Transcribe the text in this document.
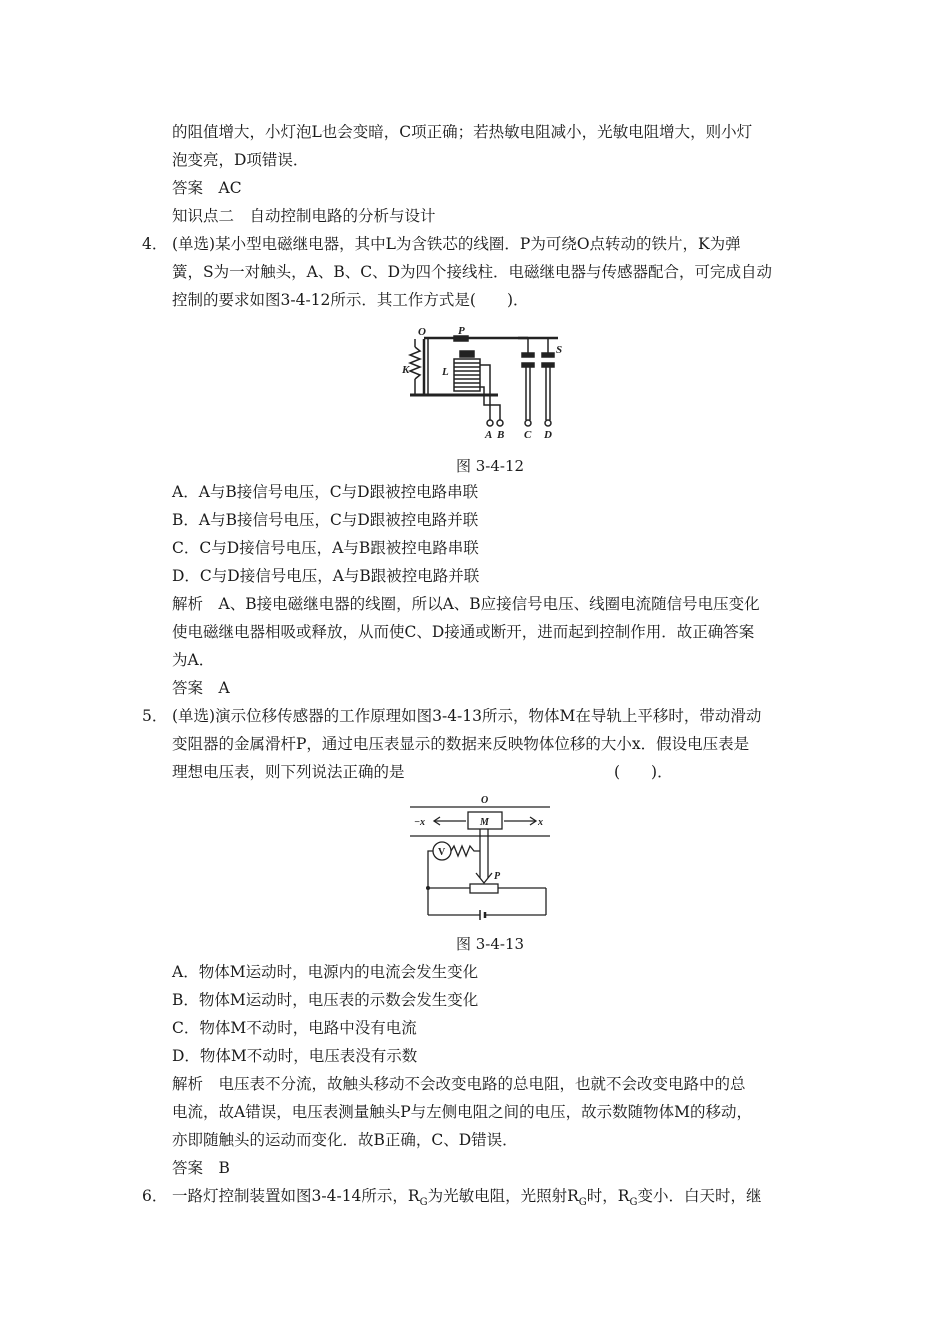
的阻值增大，小灯泡L也会变暗，C项正确；若热敏电阻减小，光敏电阻增大，则小灯
泡变亮，D项错误．
答案　AC
知识点二　自动控制电路的分析与设计
4． (单选)某小型电磁继电器，其中L为含铁芯的线圈．P为可绕O点转动的铁片，K为弹
簧，S为一对触头，A、B、C、D为四个接线柱．电磁继电器与传感器配合，可完成自动
控制的要求如图3-4-12所示．其工作方式是(　　)．
O	P
S
K	L
A B C D
图 3-4-12
A．A与B接信号电压，C与D跟被控电路串联
B．A与B接信号电压，C与D跟被控电路并联
C．C与D接信号电压，A与B跟被控电路串联
D．C与D接信号电压，A与B跟被控电路并联
解析　A、B接电磁继电器的线圈，所以A、B应接信号电压、线圈电流随信号电压变化
使电磁继电器相吸或释放，从而使C、D接通或断开，进而起到控制作用．故正确答案
为A．
答案　A
5． (单选)演示位移传感器的工作原理如图3-4-13所示，物体M在导轨上平移时，带动滑动
变阻器的金属滑杆P，通过电压表显示的数据来反映物体位移的大小x．假设电压表是
理想电压表，则下列说法正确的是	(　　)．
O
M
−x	x
V
P
图 3-4-13
A．物体M运动时，电源内的电流会发生变化
B．物体M运动时，电压表的示数会发生变化
C．物体M不动时，电路中没有电流
D．物体M不动时，电压表没有示数
解析　电压表不分流，故触头移动不会改变电路的总电阻，也就不会改变电路中的总
电流，故A错误，电压表测量触头P与左侧电阻之间的电压，故示数随物体M的移动，
亦即随触头的运动而变化．故B正确，C、D错误．
答案　B
6． 一路灯控制装置如图3-4-14所示，$R_G$为光敏电阻，光照射$R_G$时，$R_G$变小．白天时，继
